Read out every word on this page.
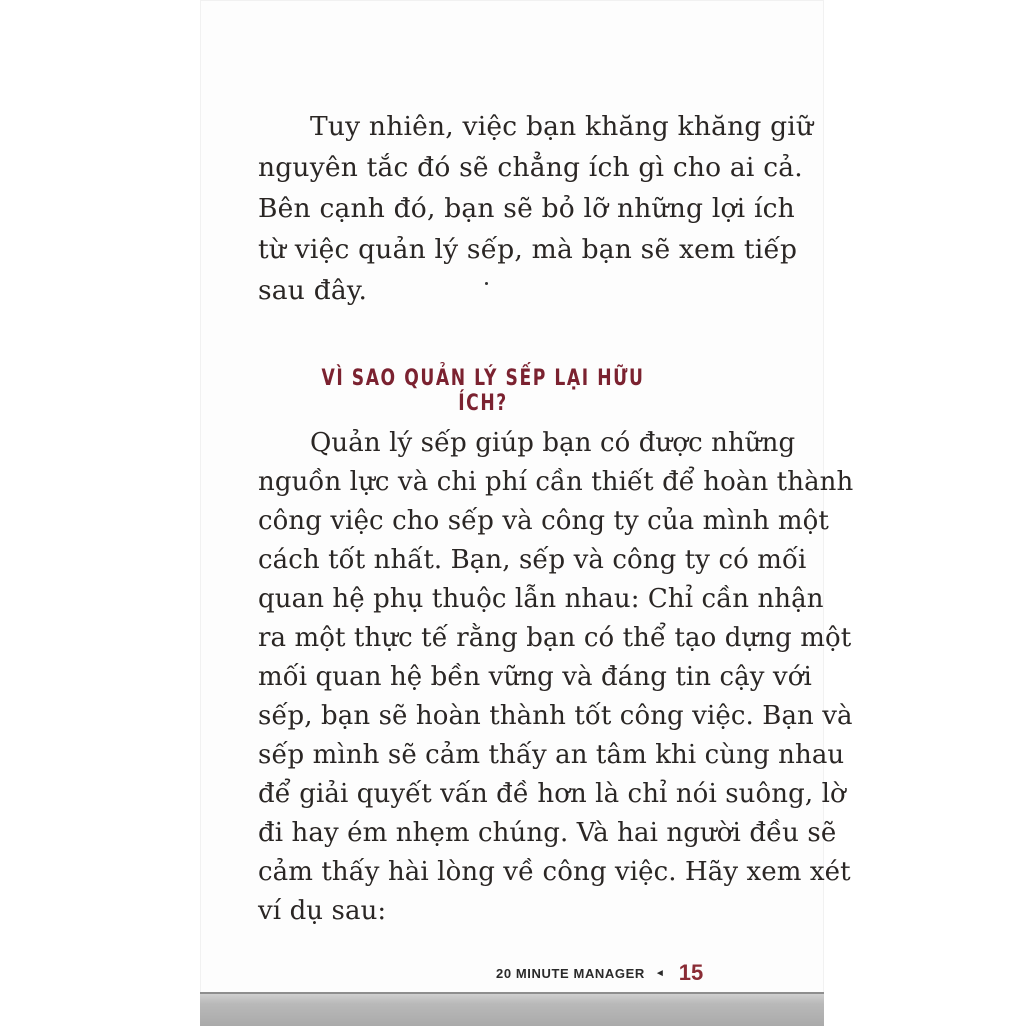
Tuy nhiên, việc bạn khăng khăng giữ
nguyên tắc đó sẽ chẳng ích gì cho ai cả.
Bên cạnh đó, bạn sẽ bỏ lỡ những lợi ích
từ việc quản lý sếp, mà bạn sẽ xem tiếp
sau đây.
VÌ SAO QUẢN LÝ SẾP LẠI HỮU ÍCH?
Quản lý sếp giúp bạn có được những
nguồn lực và chi phí cần thiết để hoàn thành
công việc cho sếp và công ty của mình một
cách tốt nhất. Bạn, sếp và công ty có mối
quan hệ phụ thuộc lẫn nhau: Chỉ cần nhận
ra một thực tế rằng bạn có thể tạo dựng một
mối quan hệ bền vững và đáng tin cậy với
sếp, bạn sẽ hoàn thành tốt công việc. Bạn và
sếp mình sẽ cảm thấy an tâm khi cùng nhau
để giải quyết vấn đề hơn là chỉ nói suông, lờ
đi hay ém nhẹm chúng. Và hai người đều sẽ
cảm thấy hài lòng về công việc. Hãy xem xét
ví dụ sau:
20 MINUTE MANAGER ◄ 15
